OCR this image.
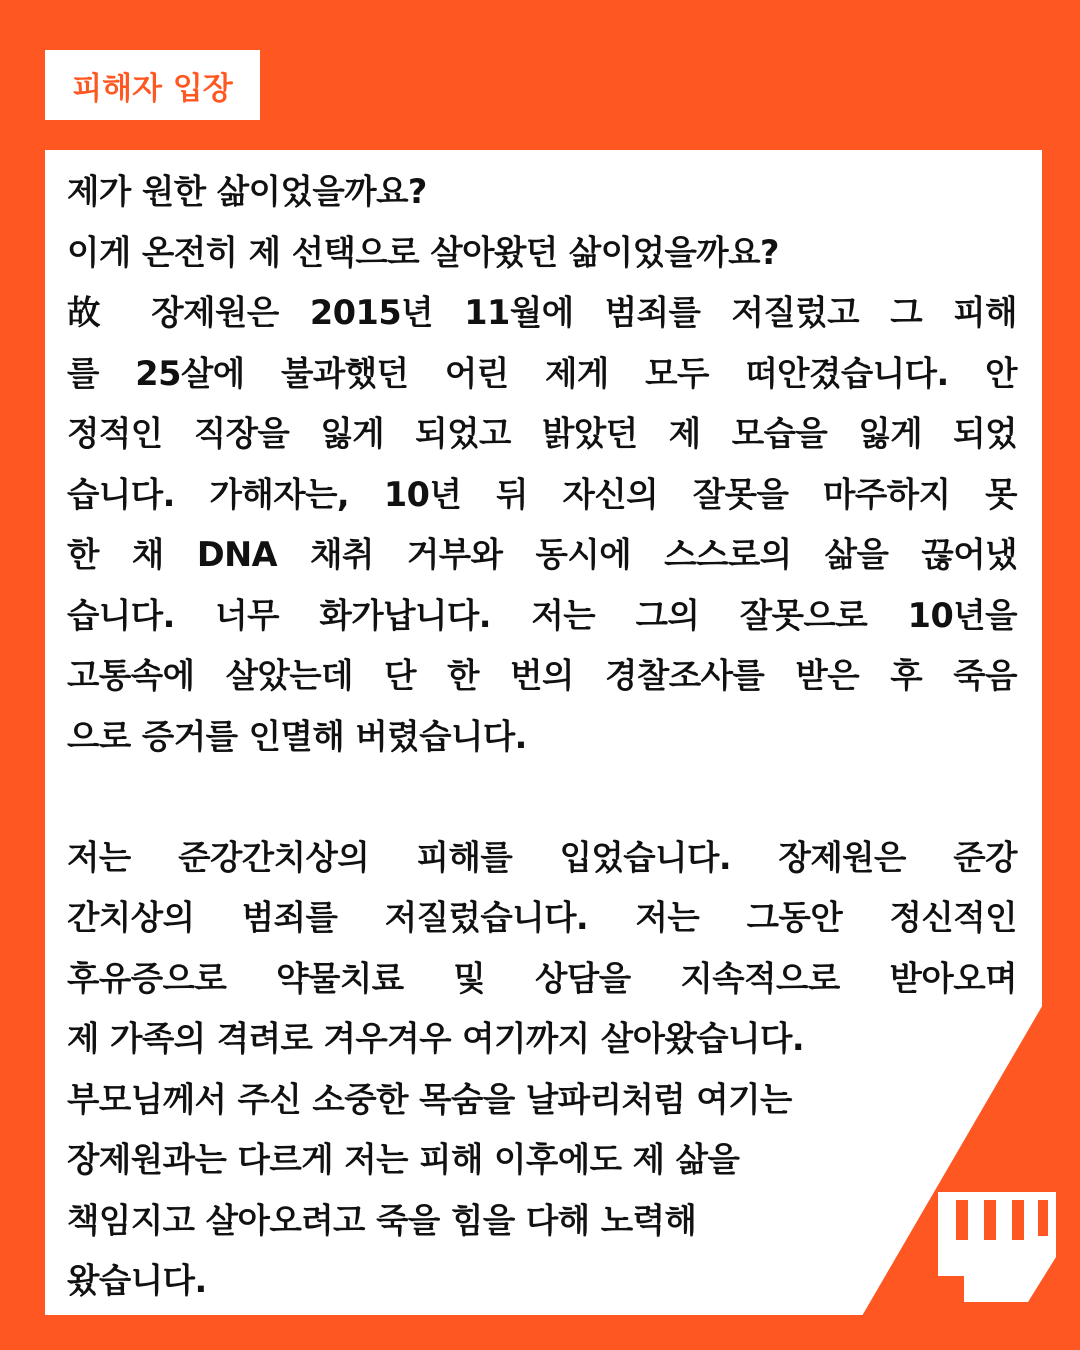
피해자 입장
제가 원한 삶이었을까요?
이게 온전히 제 선택으로 살아왔던 삶이었을까요?
故 장제원은 2015년 11월에 범죄를 저질렀고 그 피해
를 25살에 불과했던 어린 제게 모두 떠안겼습니다. 안
정적인 직장을 잃게 되었고 밝았던 제 모습을 잃게 되었
습니다. 가해자는, 10년 뒤 자신의 잘못을 마주하지 못
한 채 DNA 채취 거부와 동시에 스스로의 삶을 끊어냈
습니다. 너무 화가납니다. 저는 그의 잘못으로 10년을
고통속에 살았는데 단 한 번의 경찰조사를 받은 후 죽음
으로 증거를 인멸해 버렸습니다.
저는 준강간치상의 피해를 입었습니다. 장제원은 준강
간치상의 범죄를 저질렀습니다. 저는 그동안 정신적인
후유증으로 약물치료 및 상담을 지속적으로 받아오며
제 가족의 격려로 겨우겨우 여기까지 살아왔습니다.
부모님께서 주신 소중한 목숨을 날파리처럼 여기는
장제원과는 다르게 저는 피해 이후에도 제 삶을
책임지고 살아오려고 죽을 힘을 다해 노력해
왔습니다.
